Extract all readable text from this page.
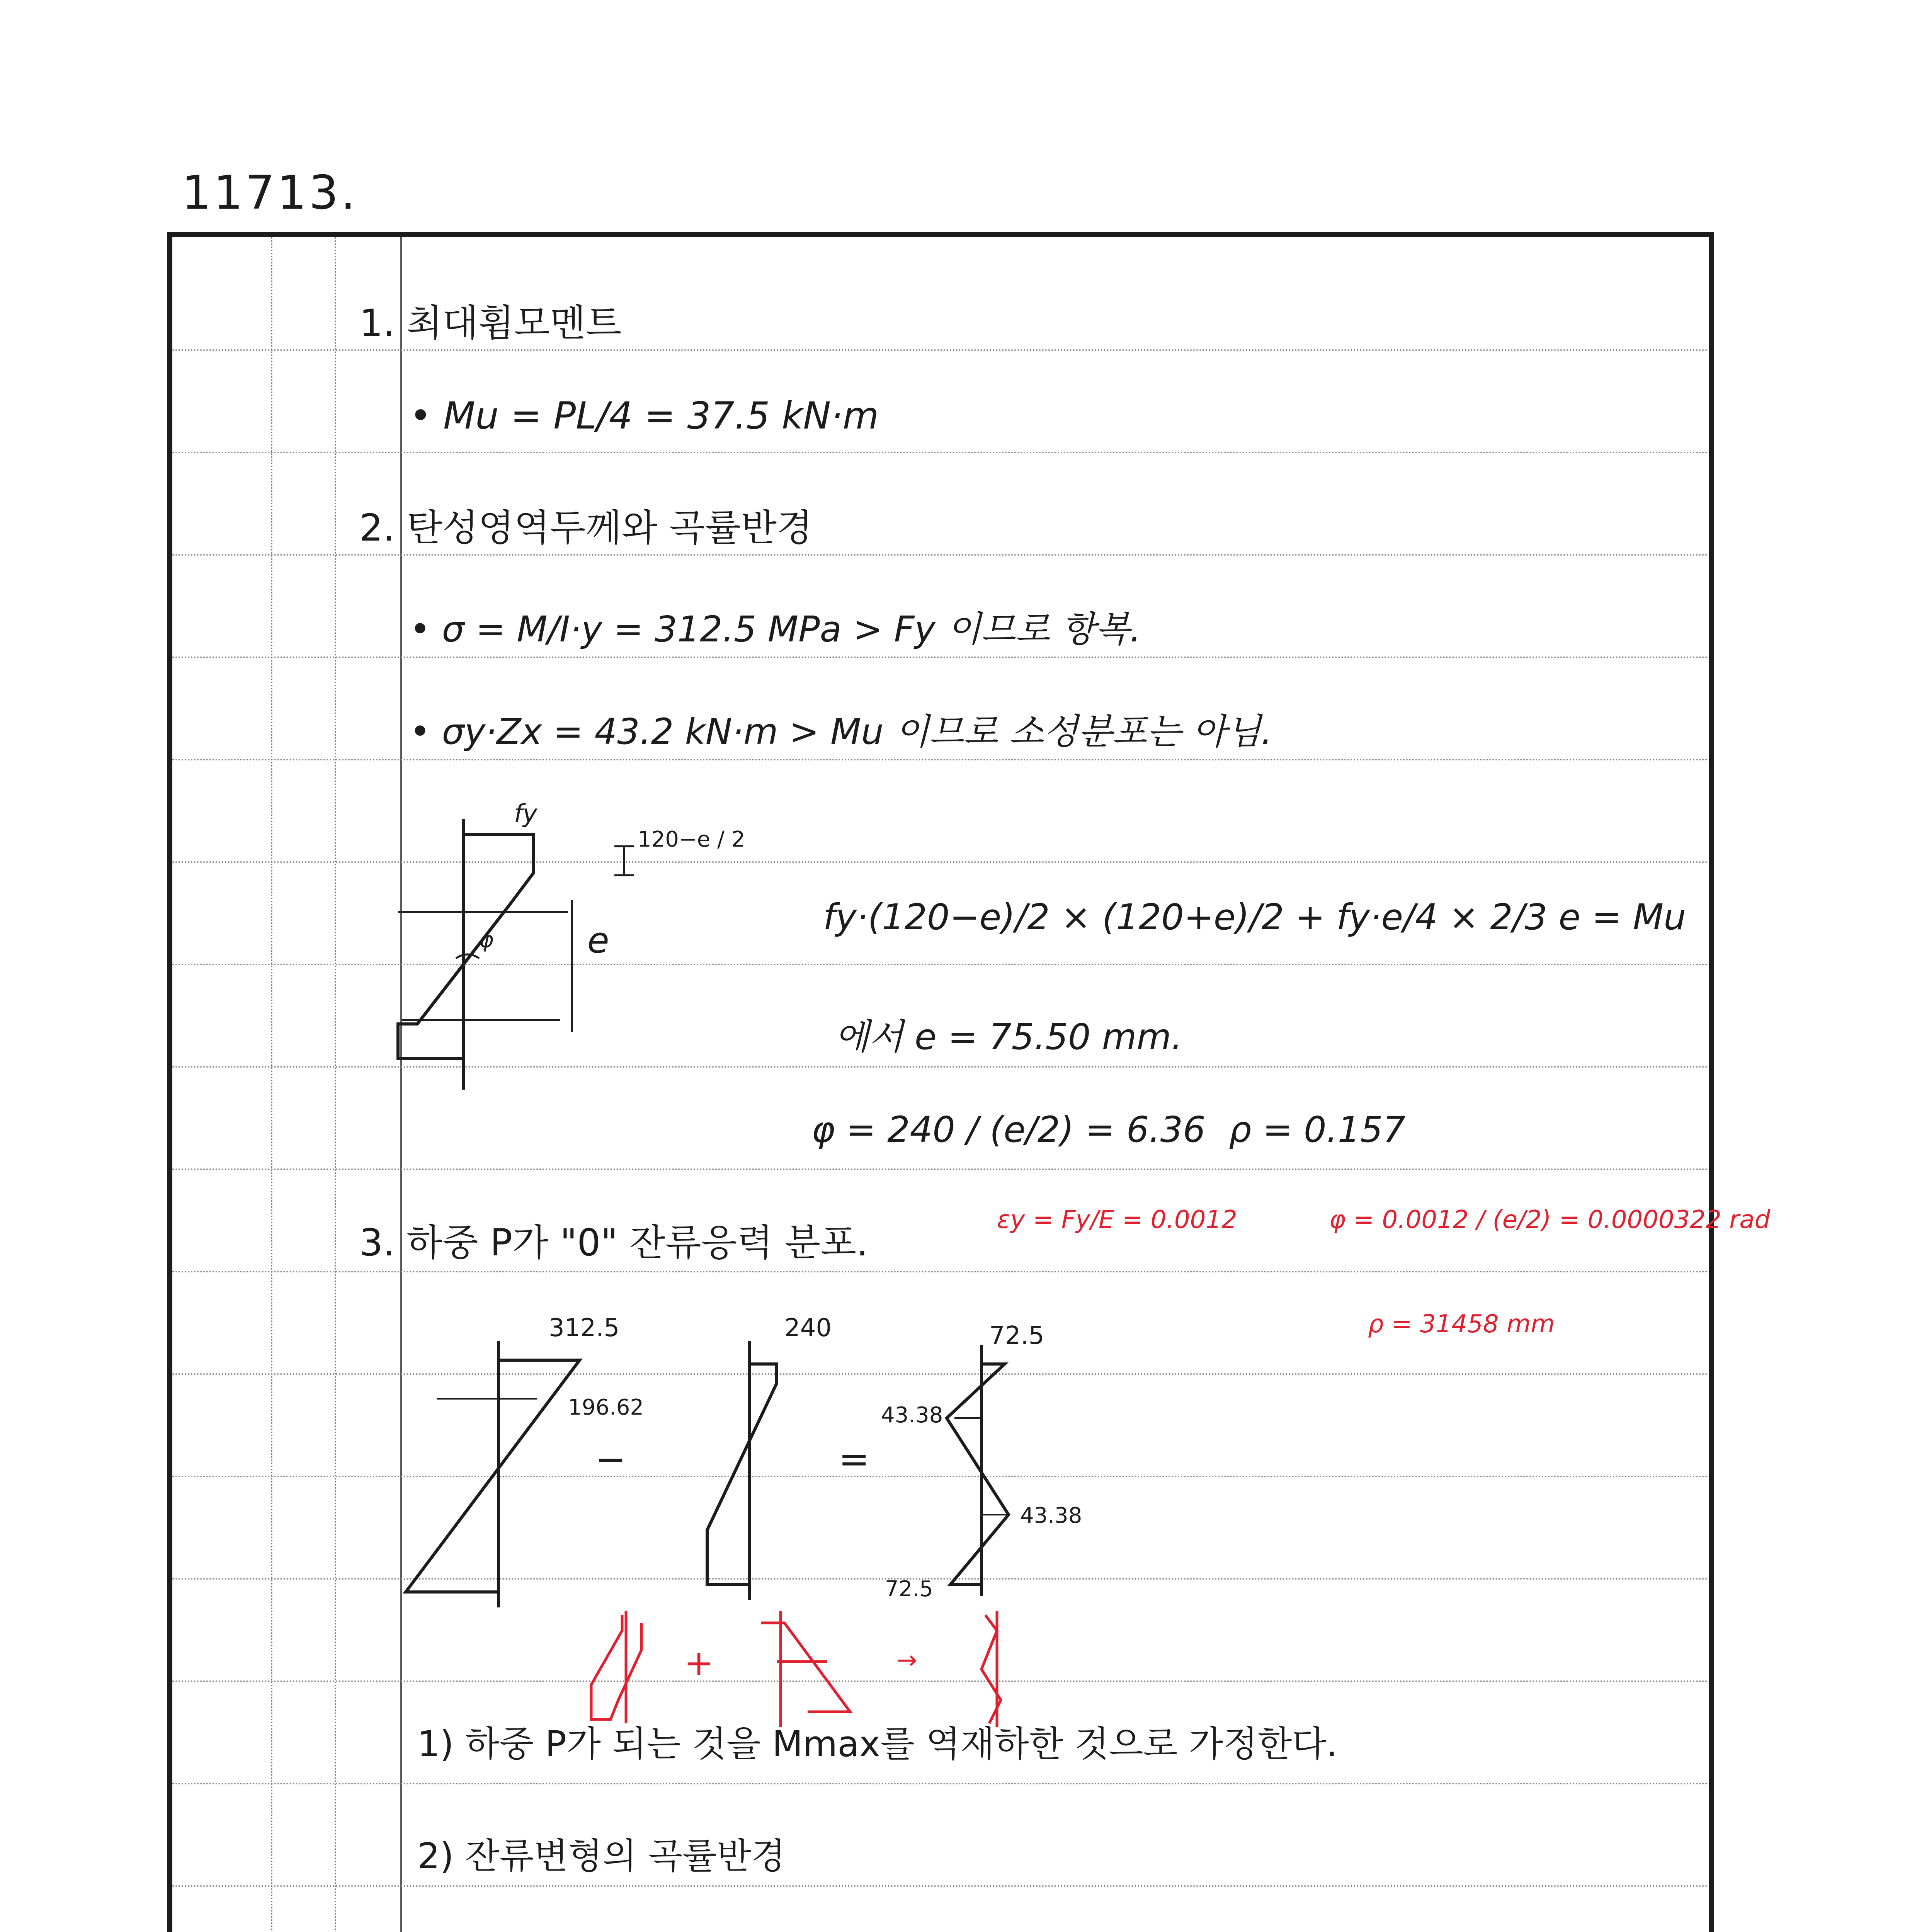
11713.
1. 최대휨모멘트
• Mu = PL/4 = 37.5 kN·m
2. 탄성영역두께와 곡률반경
• σ = M/I·y = 312.5 MPa > Fy 이므로 항복.
• σy·Zx = 43.2 kN·m > Mu 이므로 소성분포는 아님.
fy
120−e / 2
e
φ
fy·(120−e)/2 × (120+e)/2 + fy·e/4 × 2/3 e = Mu
에서 e = 75.50 mm.
φ = 240 / (e/2) = 6.36 ρ = 0.157
3. 하중 P가 "0" 잔류응력 분포.
εy = Fy/E = 0.0012	φ = 0.0012 / (e/2) = 0.0000322 rad
ρ = 31458 mm
312.5
196.62
−
240
=
72.5
43.38
43.38
72.5
+	→
1) 하중 P가 되는 것을 Mmax를 역재하한 것으로 가정한다.
2) 잔류변형의 곡률반경
